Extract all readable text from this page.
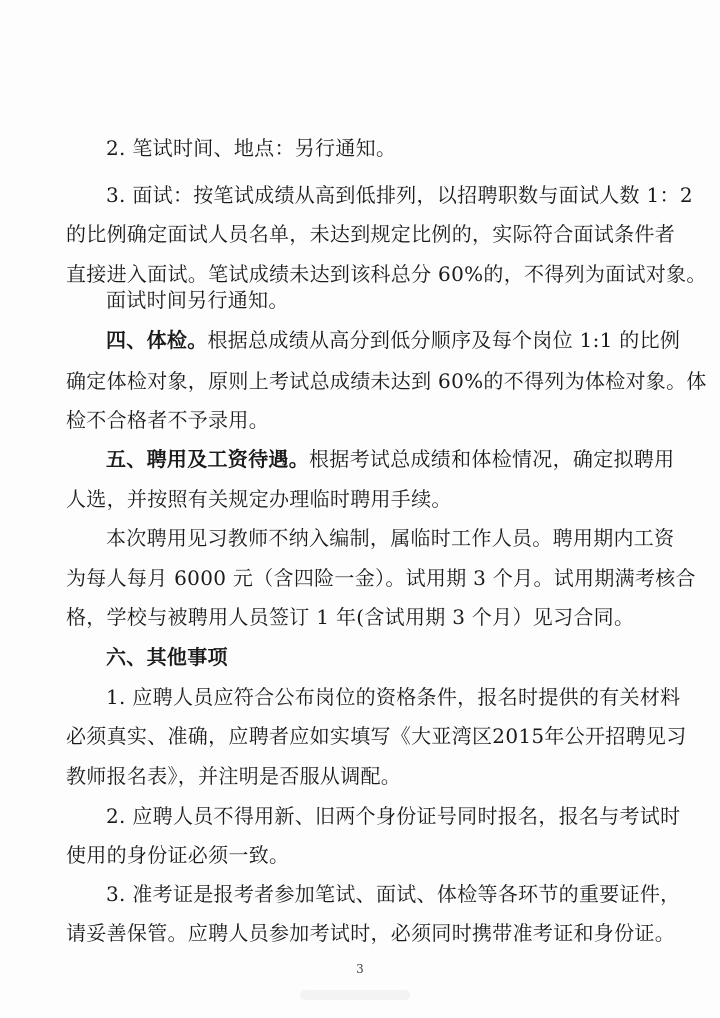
2. 笔试时间、地点：另行通知。
3. 面试：按笔试成绩从高到低排列，以招聘职数与面试人数 1：2
的比例确定面试人员名单，未达到规定比例的，实际符合面试条件者
直接进入面试。笔试成绩未达到该科总分 60%的，不得列为面试对象。
面试时间另行通知。
四、体检。根据总成绩从高分到低分顺序及每个岗位 1:1 的比例
确定体检对象，原则上考试总成绩未达到 60%的不得列为体检对象。体
检不合格者不予录用。
五、聘用及工资待遇。根据考试总成绩和体检情况，确定拟聘用
人选，并按照有关规定办理临时聘用手续。
本次聘用见习教师不纳入编制，属临时工作人员。聘用期内工资
为每人每月 6000 元（含四险一金）。试用期 3 个月。试用期满考核合
格，学校与被聘用人员签订 1 年(含试用期 3 个月）见习合同。
六、其他事项
1. 应聘人员应符合公布岗位的资格条件，报名时提供的有关材料
必须真实、准确，应聘者应如实填写《大亚湾区2015年公开招聘见习
教师报名表》，并注明是否服从调配。
2. 应聘人员不得用新、旧两个身份证号同时报名，报名与考试时
使用的身份证必须一致。
3. 准考证是报考者参加笔试、面试、体检等各环节的重要证件，
请妥善保管。应聘人员参加考试时，必须同时携带准考证和身份证。
3
